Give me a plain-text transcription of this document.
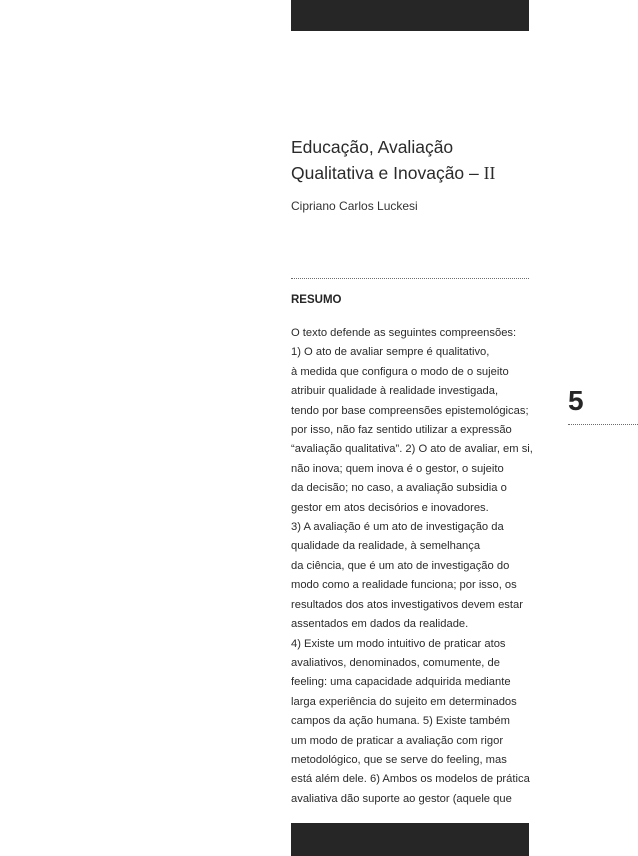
Educação, Avaliação
Qualitativa e Inovação – II
Cipriano Carlos Luckesi
RESUMO
O texto defende as seguintes compreensões:
1) O ato de avaliar sempre é qualitativo,
à medida que configura o modo de o sujeito
atribuir qualidade à realidade investigada,
tendo por base compreensões epistemológicas;
por isso, não faz sentido utilizar a expressão
“avaliação qualitativa”. 2) O ato de avaliar, em si,
não inova; quem inova é o gestor, o sujeito
da decisão; no caso, a avaliação subsidia o
gestor em atos decisórios e inovadores.
3) A avaliação é um ato de investigação da
qualidade da realidade, à semelhança
da ciência, que é um ato de investigação do
modo como a realidade funciona; por isso, os
resultados dos atos investigativos devem estar
assentados em dados da realidade.
4) Existe um modo intuitivo de praticar atos
avaliativos, denominados, comumente, de
feeling: uma capacidade adquirida mediante
larga experiência do sujeito em determinados
campos da ação humana. 5) Existe também
um modo de praticar a avaliação com rigor
metodológico, que se serve do feeling, mas
está além dele. 6) Ambos os modelos de prática
avaliativa dão suporte ao gestor (aquele que
5
